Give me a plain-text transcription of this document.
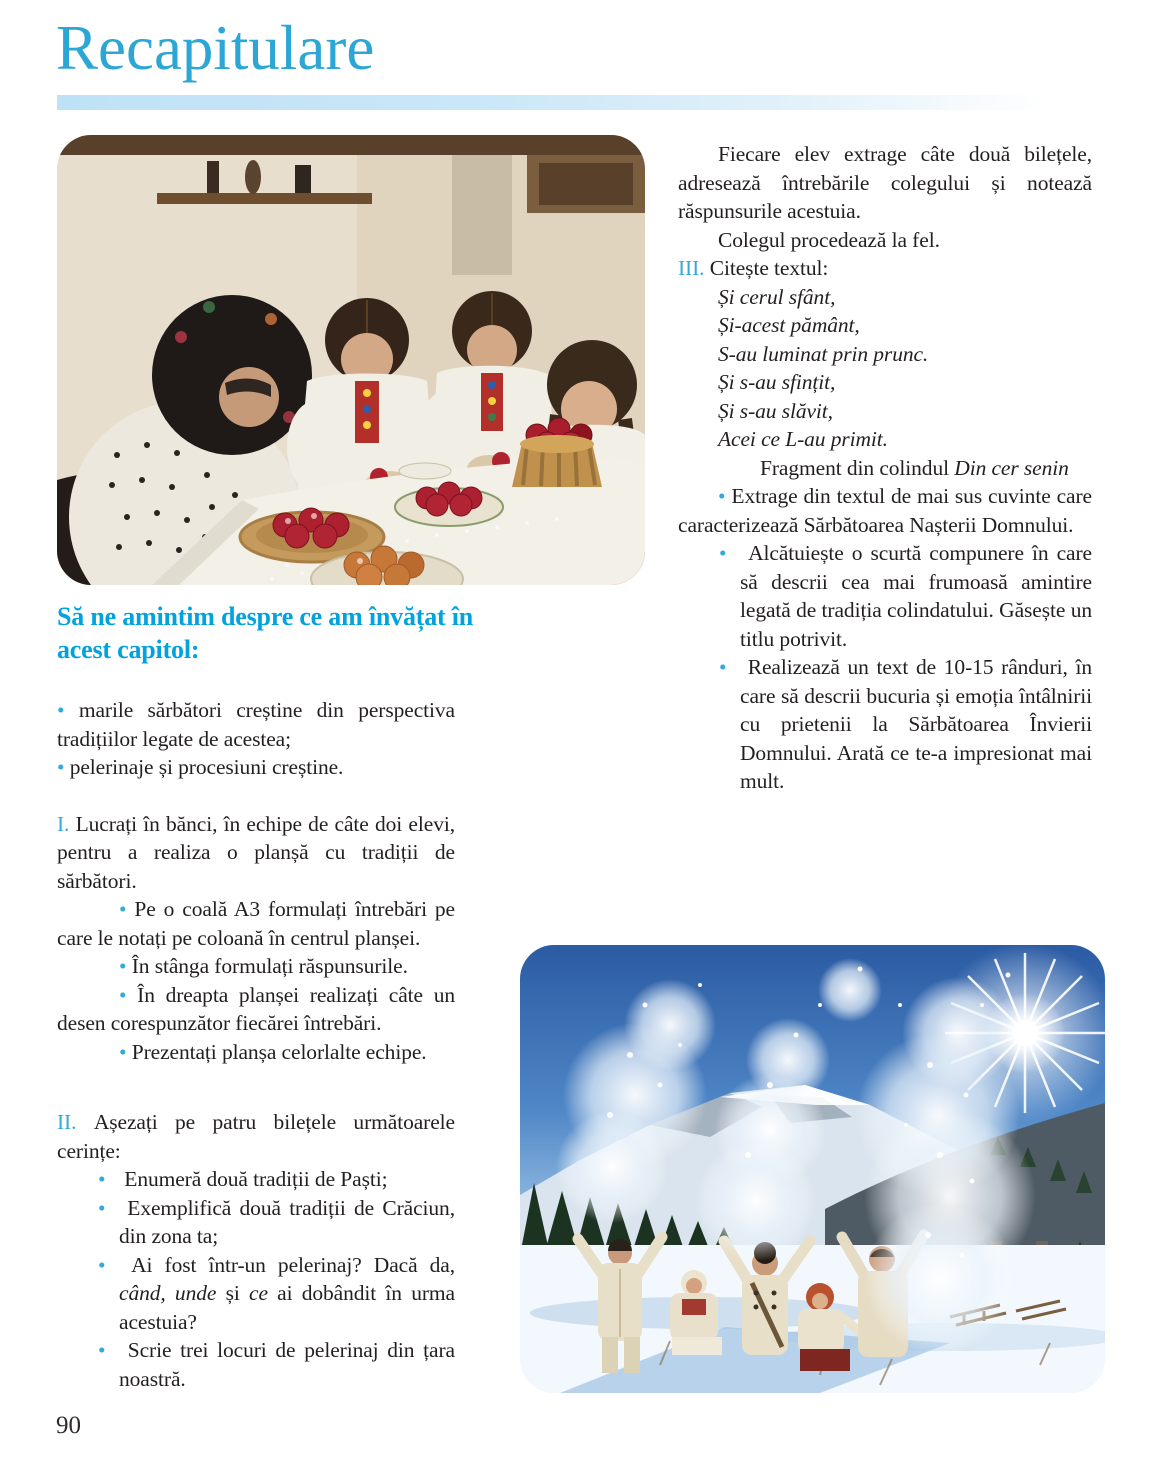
Recapitulare
Să ne amintim despre ce am învățat în acest capitol:

• marile sărbători creștine din perspectiva tradițiilor legate de acestea;

• pelerinaje și procesiuni creștine.

I. Lucrați în bănci, în echipe de câte doi elevi, pentru a realiza o planșă cu tradiții de sărbători.

• Pe o coală A3 formulați întrebări pe care le notați pe coloană în centrul planșei.

• În stânga formulați răspunsurile.

• În dreapta planșei realizați câte un desen corespunzător fiecărei întrebări.

• Prezentați planșa celorlalte echipe.

II. Așezați pe patru bilețele următoarele cerințe:

• Enumeră două tradiții de Paști;

• Exemplifică două tradiții de Crăciun, din zona ta;

• Ai fost într-un pelerinaj? Dacă da, când, unde și ce ai dobândit în urma acestuia?

• Scrie trei locuri de pelerinaj din țara noastră.

Fiecare elev extrage câte două bilețele, adresează întrebările colegului și notează răspunsurile acestuia.

Colegul procedează la fel.

III. Citește textul:

Și cerul sfânt,

Și-acest pământ,

S-au luminat prin prunc.

Și s-au sfințit,

Și s-au slăvit,

Acei ce L-au primit.

Fragment din colindul Din cer senin

• Extrage din textul de mai sus cuvinte care caracterizează Sărbătoarea Nașterii Domnului.

• Alcătuiește o scurtă compunere în care să descrii cea mai frumoasă amintire legată de tradiția colindatului. Găsește un titlu potrivit.

• Realizează un text de 10-15 rânduri, în care să descrii bucuria și emoția întâlnirii cu prietenii la Sărbătoarea Învierii Domnului. Arată ce te-a impresionat mai mult.

90
